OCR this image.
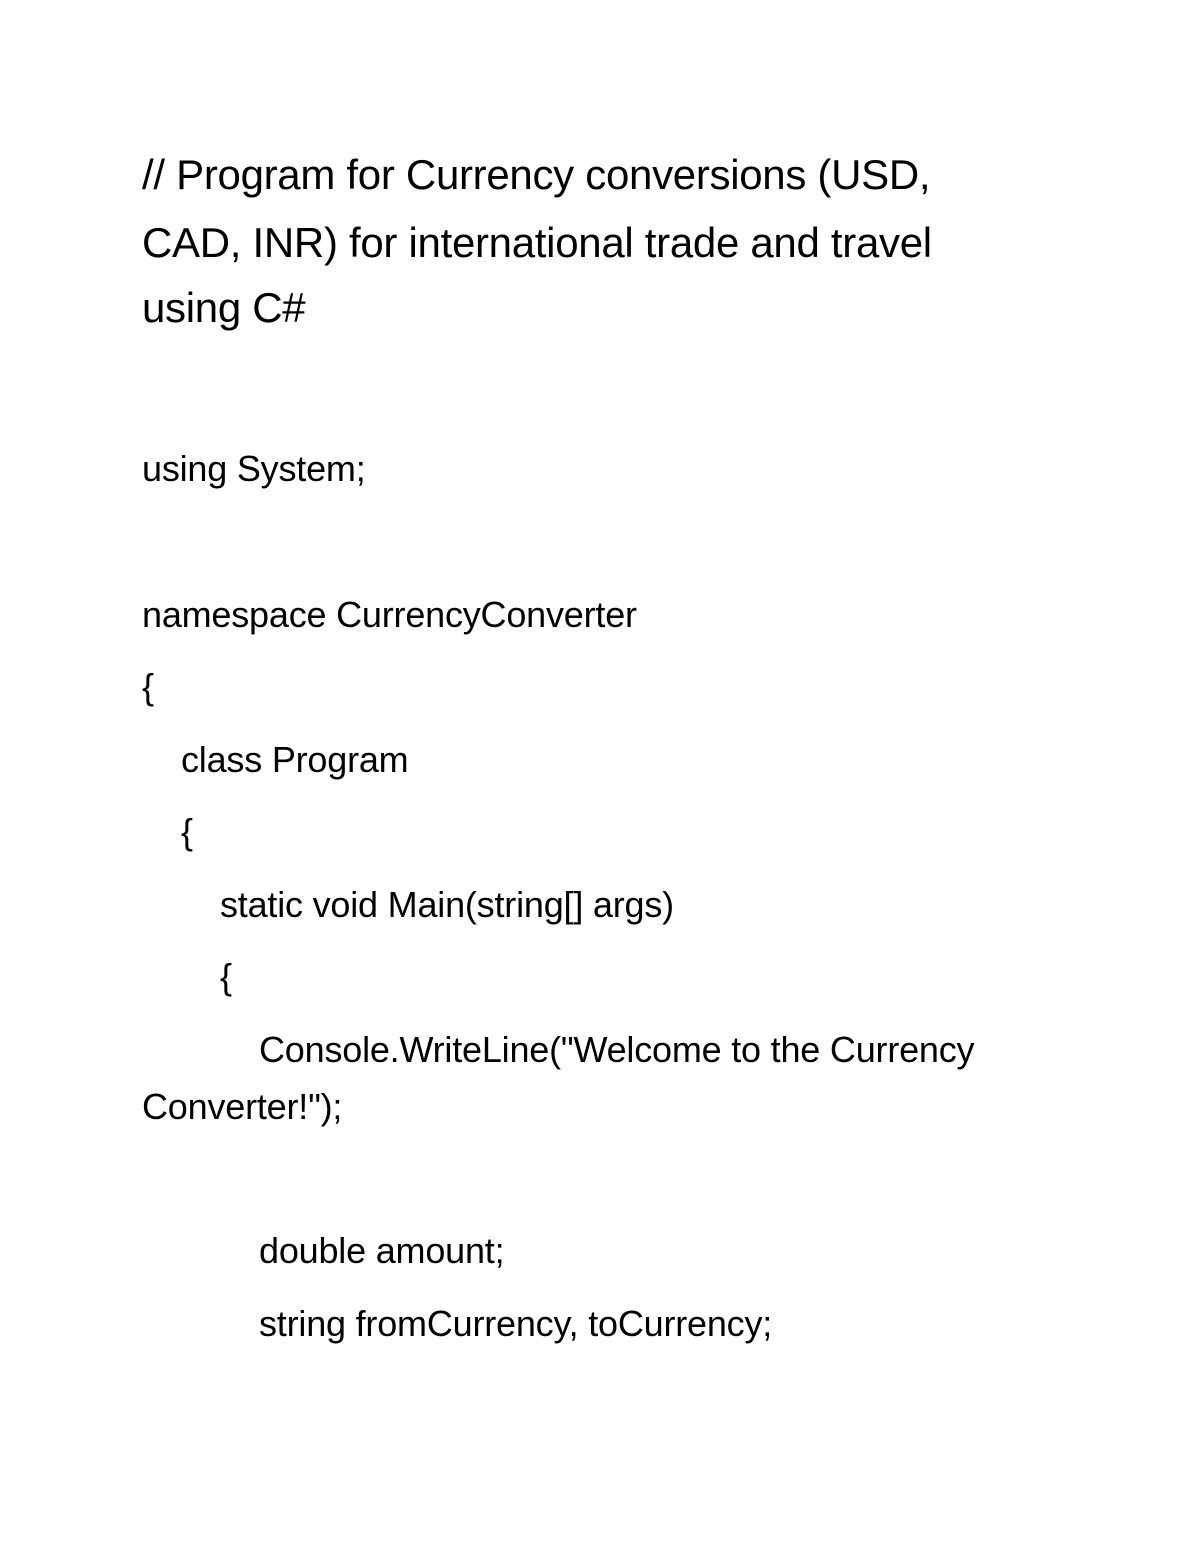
// Program for Currency conversions (USD,
CAD, INR) for international trade and travel
using C#
using System;
namespace CurrencyConverter
{
class Program
{
static void Main(string[] args)
{
Console.WriteLine("Welcome to the Currency
Converter!");
double amount;
string fromCurrency, toCurrency;
